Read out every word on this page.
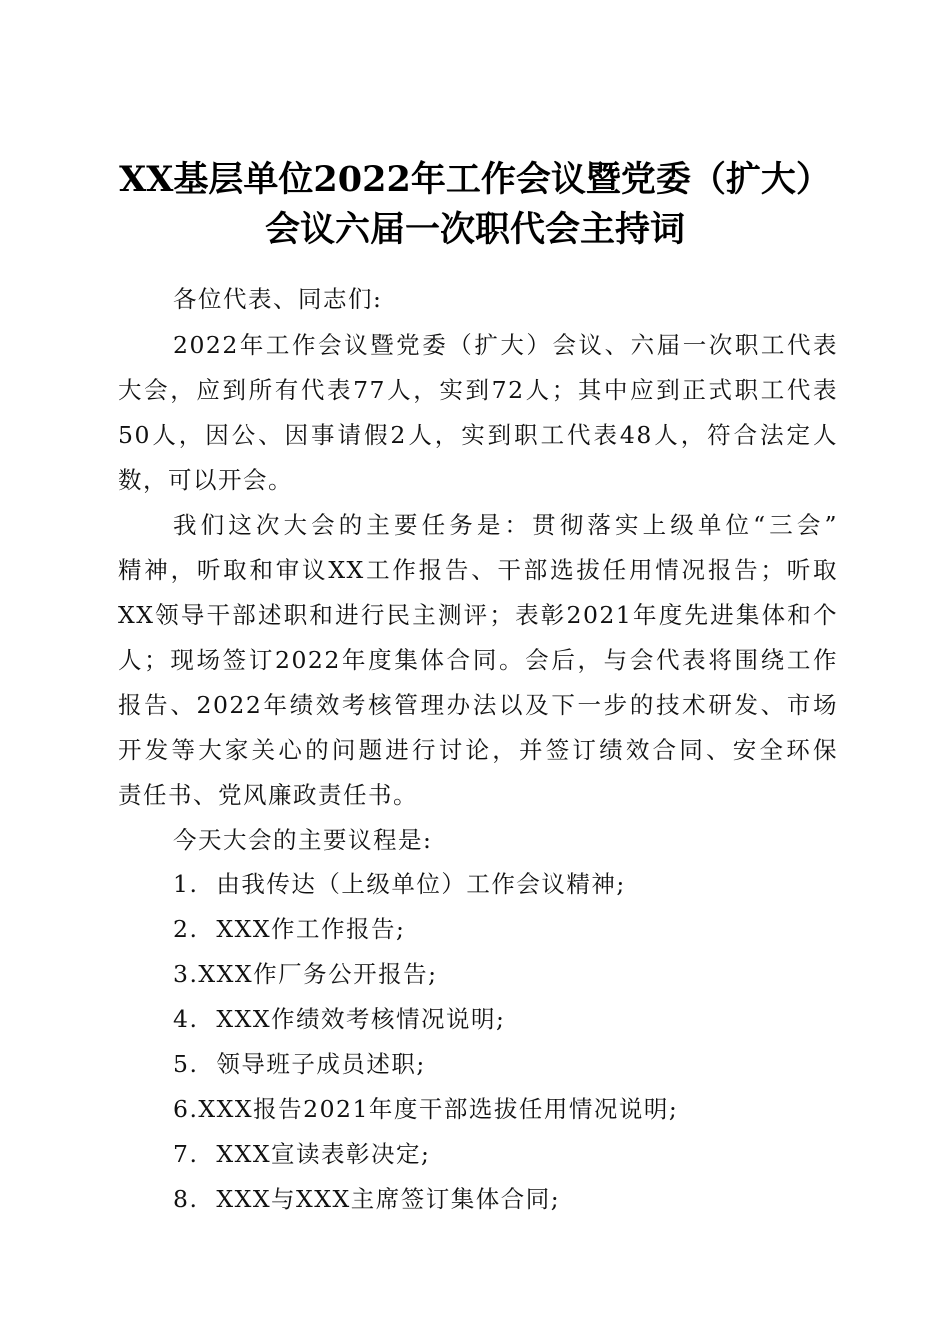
XX基层单位2022年工作会议暨党委（扩大）
会议六届一次职代会主持词
各位代表、同志们:
2022年工作会议暨党委（扩大）会议、六届一次职工代表
大会，应到所有代表77人，实到72人；其中应到正式职工代表
50人，因公、因事请假2人，实到职工代表48人，符合法定人
数，可以开会。
我们这次大会的主要任务是：贯彻落实上级单位“三会”
精神，听取和审议XX工作报告、干部选拔任用情况报告；听取
XX领导干部述职和进行民主测评；表彰2021年度先进集体和个
人；现场签订2022年度集体合同。会后，与会代表将围绕工作
报告、2022年绩效考核管理办法以及下一步的技术研发、市场
开发等大家关心的问题进行讨论，并签订绩效合同、安全环保
责任书、党风廉政责任书。
今天大会的主要议程是:
1.  由我传达（上级单位）工作会议精神;
2.  XXX作工作报告;
3.XXX作厂务公开报告;
4.  XXX作绩效考核情况说明;
5.  领导班子成员述职;
6.XXX报告2021年度干部选拔任用情况说明;
7.  XXX宣读表彰决定;
8.  XXX与XXX主席签订集体合同;
